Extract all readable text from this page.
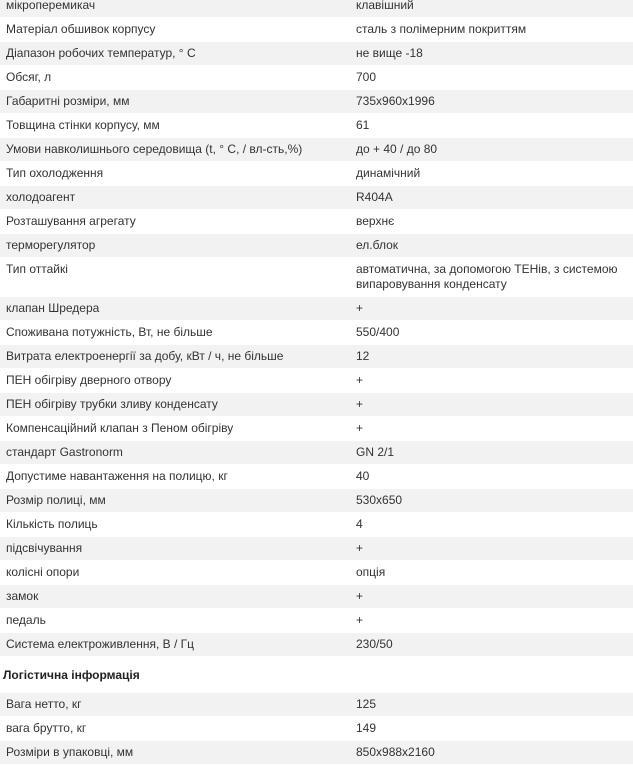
мікроперемикач	клавішний
Матеріал обшивок корпусу	сталь з полімерним покриттям
Діапазон робочих температур, ° С	не вище -18
Обсяг, л	700
Габаритні розміри, мм	735x960x1996
Товщина стінки корпусу, мм	61
Умови навколишнього середовища (t, ° C, / вл-сть,%)	до + 40 / до 80
Тип охолодження	динамічний
холодоагент	R404A
Розташування агрегату	верхнє
терморегулятор	ел.блок
Тип оттайкі	автоматична, за допомогою ТЕНів, з системою випаровування конденсату
клапан Шредера	+
Споживана потужність, Вт, не більше	550/400
Витрата електроенергії за добу, кВт / ч, не більше	12
ПЕН обігріву дверного отвору	+
ПЕН обігріву трубки зливу конденсату	+
Компенсаційний клапан з Пеном обігріву	+
стандарт Gastronorm	GN 2/1
Допустиме навантаження на полицю, кг	40
Розмір полиці, мм	530x650
Кількість полиць	4
підсвічування	+
колісні опори	опція
замок	+
педаль	+
Система електроживлення, В / Гц	230/50
Логістична інформація
Вага нетто, кг	125
вага брутто, кг	149
Розміри в упаковці, мм	850x988x2160
